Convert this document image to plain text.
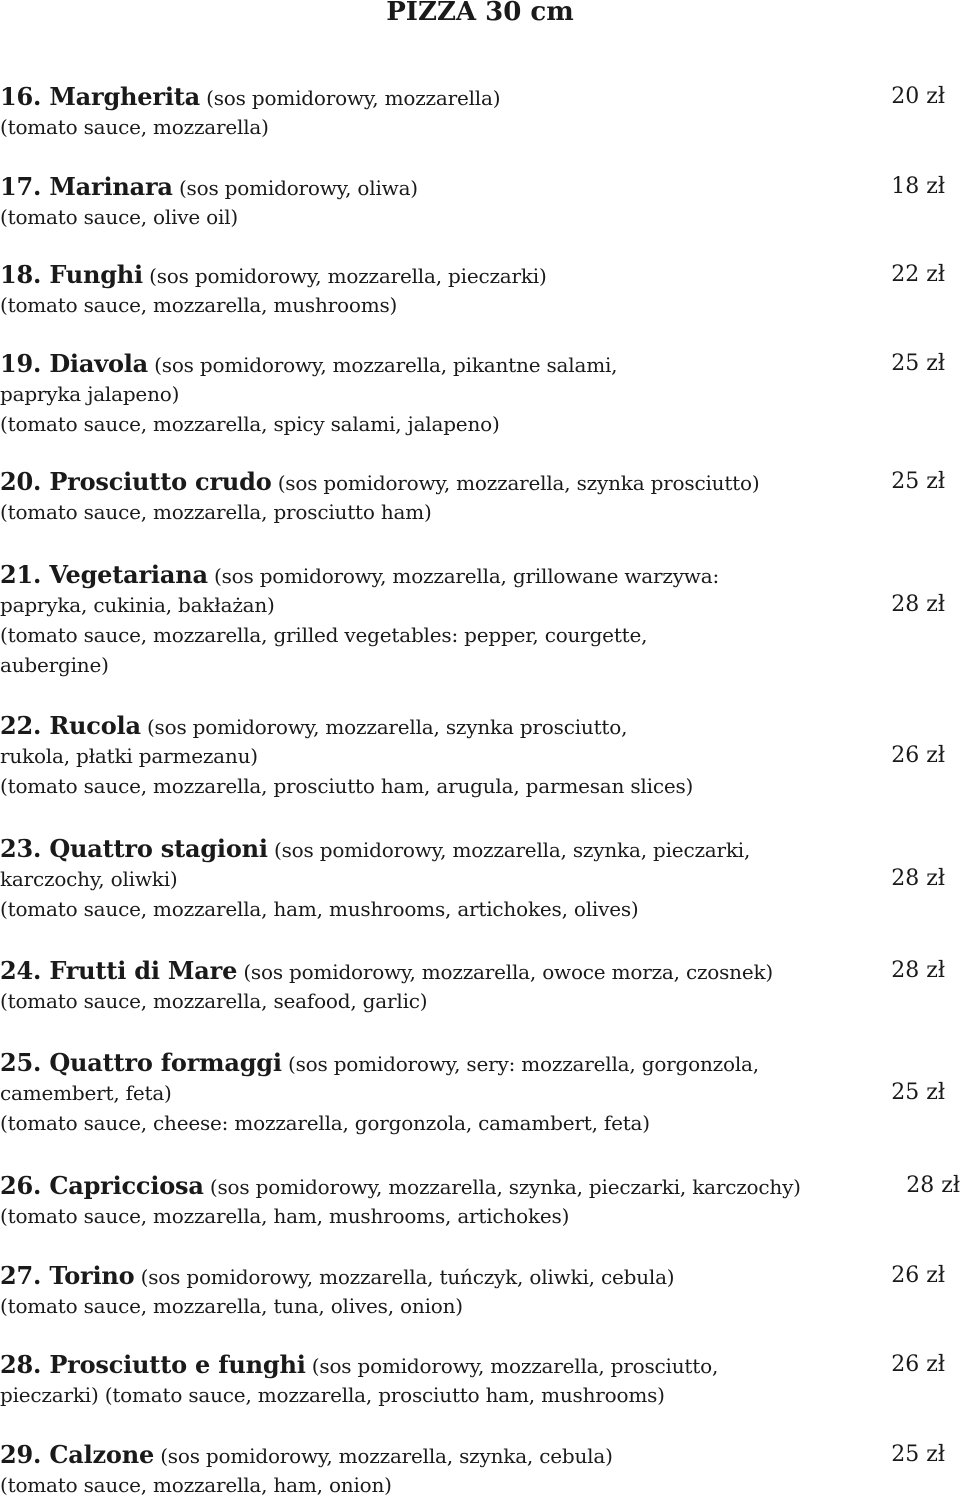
PIZZA 30 cm
16. Margherita (sos pomidorowy, mozzarella)
(tomato sauce, mozzarella)
20 zł
17. Marinara (sos pomidorowy, oliwa)
(tomato sauce, olive oil)
18 zł
18. Funghi (sos pomidorowy, mozzarella, pieczarki)
(tomato sauce, mozzarella, mushrooms)
22 zł
19. Diavola (sos pomidorowy, mozzarella, pikantne salami,
papryka jalapeno)
(tomato sauce, mozzarella, spicy salami, jalapeno)
25 zł
20. Prosciutto crudo (sos pomidorowy, mozzarella, szynka prosciutto)
(tomato sauce, mozzarella, prosciutto ham)
25 zł
21. Vegetariana (sos pomidorowy, mozzarella, grillowane warzywa:
papryka, cukinia, bakłażan)
(tomato sauce, mozzarella, grilled vegetables: pepper, courgette,
aubergine)
28 zł
22. Rucola (sos pomidorowy, mozzarella, szynka prosciutto,
rukola, płatki parmezanu)
(tomato sauce, mozzarella, prosciutto ham, arugula, parmesan slices)
26 zł
23. Quattro stagioni (sos pomidorowy, mozzarella, szynka, pieczarki,
karczochy, oliwki)
(tomato sauce, mozzarella, ham, mushrooms, artichokes, olives)
28 zł
24. Frutti di Mare (sos pomidorowy, mozzarella, owoce morza, czosnek)
(tomato sauce, mozzarella, seafood, garlic)
28 zł
25. Quattro formaggi (sos pomidorowy, sery: mozzarella, gorgonzola,
camembert, feta)
(tomato sauce, cheese: mozzarella, gorgonzola, camambert, feta)
25 zł
26. Capricciosa (sos pomidorowy, mozzarella, szynka, pieczarki, karczochy)
(tomato sauce, mozzarella, ham, mushrooms, artichokes)
28 zł
27. Torino (sos pomidorowy, mozzarella, tuńczyk, oliwki, cebula)
(tomato sauce, mozzarella, tuna, olives, onion)
26 zł
28. Prosciutto e funghi (sos pomidorowy, mozzarella, prosciutto,
pieczarki) (tomato sauce, mozzarella, prosciutto ham, mushrooms)
26 zł
29. Calzone (sos pomidorowy, mozzarella, szynka, cebula)
(tomato sauce, mozzarella, ham, onion)
25 zł
